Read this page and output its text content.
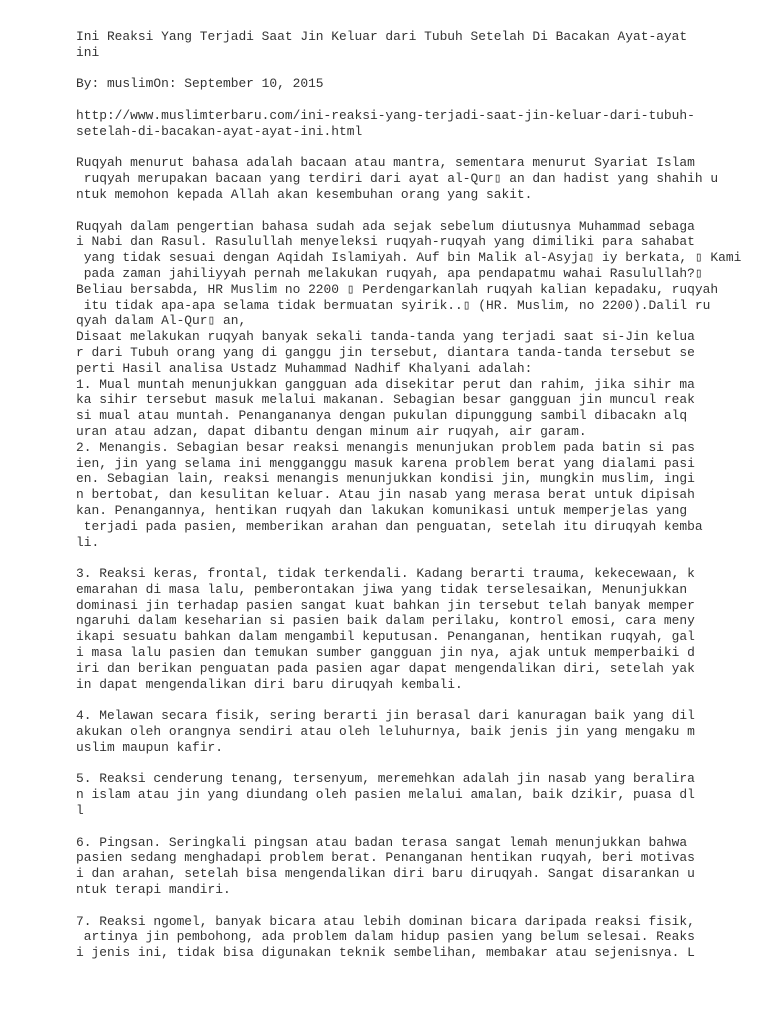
Ini Reaksi Yang Terjadi Saat Jin Keluar dari Tubuh Setelah Di Bacakan Ayat-ayat
ini
By: muslimOn: September 10, 2015
http://www.muslimterbaru.com/ini-reaksi-yang-terjadi-saat-jin-keluar-dari-tubuh-
setelah-di-bacakan-ayat-ayat-ini.html
Ruqyah menurut bahasa adalah bacaan atau mantra, sementara menurut Syariat Islam
ruqyah merupakan bacaan yang terdiri dari ayat al-Qur▯ an dan hadist yang shahih u
ntuk memohon kepada Allah akan kesembuhan orang yang sakit.
Ruqyah dalam pengertian bahasa sudah ada sejak sebelum diutusnya Muhammad sebaga
i Nabi dan Rasul. Rasulullah menyeleksi ruqyah-ruqyah yang dimiliki para sahabat
yang tidak sesuai dengan Aqidah Islamiyah. Auf bin Malik al-Asyja▯ iy berkata, ▯ Kami
pada zaman jahiliyyah pernah melakukan ruqyah, apa pendapatmu wahai Rasulullah?▯
Beliau bersabda, HR Muslim no 2200 ▯ Perdengarkanlah ruqyah kalian kepadaku, ruqyah
itu tidak apa-apa selama tidak bermuatan syirik..▯ (HR. Muslim, no 2200).Dalil ru
qyah dalam Al-Qur▯ an,
Disaat melakukan ruqyah banyak sekali tanda-tanda yang terjadi saat si-Jin kelua
r dari Tubuh orang yang di ganggu jin tersebut, diantara tanda-tanda tersebut se
perti Hasil analisa Ustadz Muhammad Nadhif Khalyani adalah:
1. Mual muntah menunjukkan gangguan ada disekitar perut dan rahim, jika sihir ma
ka sihir tersebut masuk melalui makanan. Sebagian besar gangguan jin muncul reak
si mual atau muntah. Penangananya dengan pukulan dipunggung sambil dibacakn alq
uran atau adzan, dapat dibantu dengan minum air ruqyah, air garam.
2. Menangis. Sebagian besar reaksi menangis menunjukan problem pada batin si pas
ien, jin yang selama ini mengganggu masuk karena problem berat yang dialami pasi
en. Sebagian lain, reaksi menangis menunjukkan kondisi jin, mungkin muslim, ingi
n bertobat, dan kesulitan keluar. Atau jin nasab yang merasa berat untuk dipisah
kan. Penangannya, hentikan ruqyah dan lakukan komunikasi untuk memperjelas yang
terjadi pada pasien, memberikan arahan dan penguatan, setelah itu diruqyah kemba
li.
3. Reaksi keras, frontal, tidak terkendali. Kadang berarti trauma, kekecewaan, k
emarahan di masa lalu, pemberontakan jiwa yang tidak terselesaikan, Menunjukkan
dominasi jin terhadap pasien sangat kuat bahkan jin tersebut telah banyak memper
ngaruhi dalam keseharian si pasien baik dalam perilaku, kontrol emosi, cara meny
ikapi sesuatu bahkan dalam mengambil keputusan. Penanganan, hentikan ruqyah, gal
i masa lalu pasien dan temukan sumber gangguan jin nya, ajak untuk memperbaiki d
iri dan berikan penguatan pada pasien agar dapat mengendalikan diri, setelah yak
in dapat mengendalikan diri baru diruqyah kembali.
4. Melawan secara fisik, sering berarti jin berasal dari kanuragan baik yang dil
akukan oleh orangnya sendiri atau oleh leluhurnya, baik jenis jin yang mengaku m
uslim maupun kafir.
5. Reaksi cenderung tenang, tersenyum, meremehkan adalah jin nasab yang beralira
n islam atau jin yang diundang oleh pasien melalui amalan, baik dzikir, puasa dl
l
6. Pingsan. Seringkali pingsan atau badan terasa sangat lemah menunjukkan bahwa
pasien sedang menghadapi problem berat. Penanganan hentikan ruqyah, beri motivas
i dan arahan, setelah bisa mengendalikan diri baru diruqyah. Sangat disarankan u
ntuk terapi mandiri.
7. Reaksi ngomel, banyak bicara atau lebih dominan bicara daripada reaksi fisik,
artinya jin pembohong, ada problem dalam hidup pasien yang belum selesai. Reaks
i jenis ini, tidak bisa digunakan teknik sembelihan, membakar atau sejenisnya. L
